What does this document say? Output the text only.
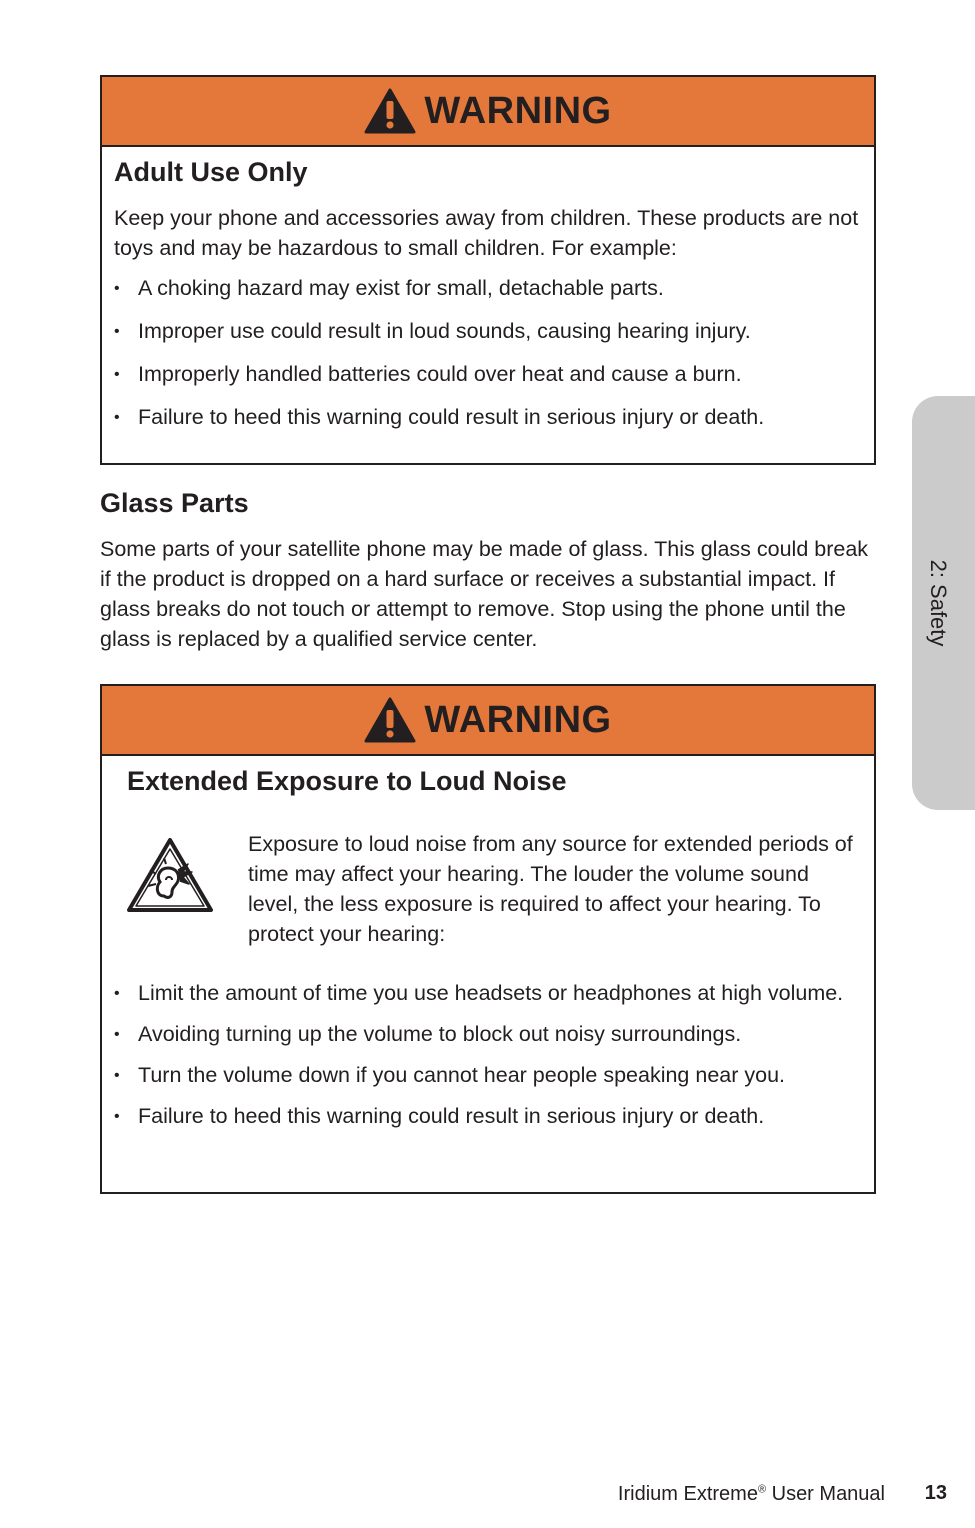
WARNING
Adult Use Only
Keep your phone and accessories away from children. These products are not toys and may be hazardous to small children. For example:
• A choking hazard may exist for small, detachable parts.
• Improper use could result in loud sounds, causing hearing injury.
• Improperly handled batteries could over heat and cause a burn.
• Failure to heed this warning could result in serious injury or death.
Glass Parts
Some parts of your satellite phone may be made of glass. This glass could break if the product is dropped on a hard surface or receives a substantial impact. If glass breaks do not touch or attempt to remove. Stop using the phone until the glass is replaced by a qualified service center.
WARNING
Extended Exposure to Loud Noise
Exposure to loud noise from any source for extended periods of time may affect your hearing. The louder the volume sound level, the less exposure is required to affect your hearing. To protect your hearing:
• Limit the amount of time you use headsets or headphones at high volume.
• Avoiding turning up the volume to block out noisy surroundings.
• Turn the volume down if you cannot hear people speaking near you.
• Failure to heed this warning could result in serious injury or death.
2: Safety
Iridium Extreme® User Manual 13
